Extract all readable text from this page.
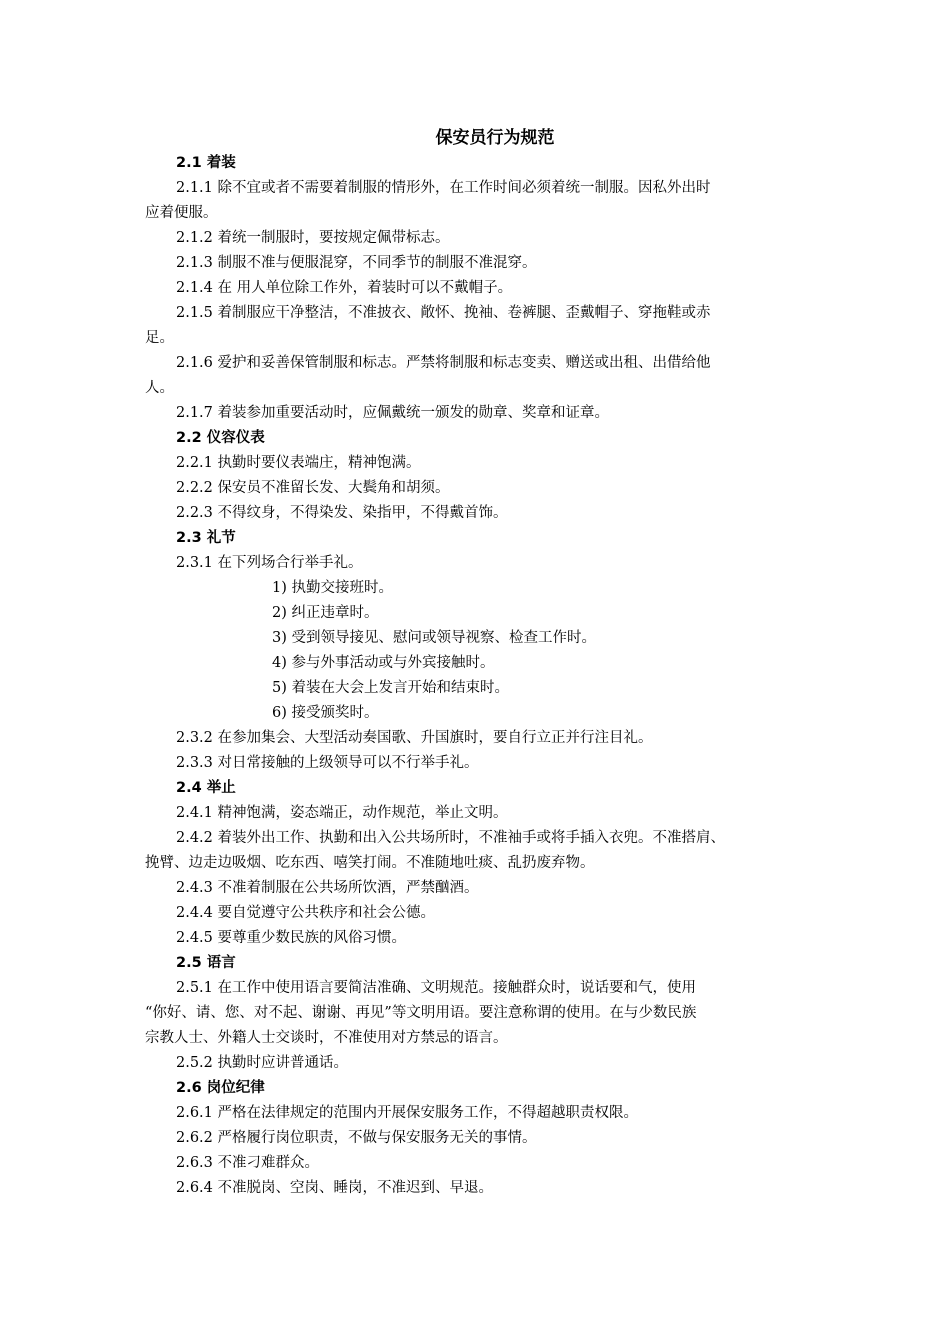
保安员行为规范
2.1 着装
2.1.1 除不宜或者不需要着制服的情形外，在工作时间必须着统一制服。因私外出时
应着便服。
2.1.2 着统一制服时，要按规定佩带标志。
2.1.3 制服不准与便服混穿，不同季节的制服不准混穿。
2.1.4 在 用人单位除工作外，着装时可以不戴帽子。
2.1.5 着制服应干净整洁，不准披衣、敞怀、挽袖、卷裤腿、歪戴帽子、穿拖鞋或赤
足。
2.1.6 爱护和妥善保管制服和标志。严禁将制服和标志变卖、赠送或出租、出借给他
人。
2.1.7 着装参加重要活动时，应佩戴统一颁发的勋章、奖章和证章。
2.2 仪容仪表
2.2.1 执勤时要仪表端庄，精神饱满。
2.2.2 保安员不准留长发、大鬓角和胡须。
2.2.3 不得纹身，不得染发、染指甲，不得戴首饰。
2.3 礼节
2.3.1 在下列场合行举手礼。
1) 执勤交接班时。
2) 纠正违章时。
3) 受到领导接见、慰问或领导视察、检查工作时。
4) 参与外事活动或与外宾接触时。
5) 着装在大会上发言开始和结束时。
6) 接受颁奖时。
2.3.2 在参加集会、大型活动奏国歌、升国旗时，要自行立正并行注目礼。
2.3.3 对日常接触的上级领导可以不行举手礼。
2.4 举止
2.4.1 精神饱满，姿态端正，动作规范，举止文明。
2.4.2 着装外出工作、执勤和出入公共场所时，不准袖手或将手插入衣兜。不准搭肩、
挽臂、边走边吸烟、吃东西、嘻笑打闹。不准随地吐痰、乱扔废弃物。
2.4.3 不准着制服在公共场所饮酒，严禁酗酒。
2.4.4 要自觉遵守公共秩序和社会公德。
2.4.5 要尊重少数民族的风俗习惯。
2.5 语言
2.5.1 在工作中使用语言要简洁准确、文明规范。接触群众时，说话要和气，使用
“你好、请、您、对不起、谢谢、再见”等文明用语。要注意称谓的使用。在与少数民族
宗教人士、外籍人士交谈时，不准使用对方禁忌的语言。
2.5.2 执勤时应讲普通话。
2.6 岗位纪律
2.6.1 严格在法律规定的范围内开展保安服务工作，不得超越职责权限。
2.6.2 严格履行岗位职责，不做与保安服务无关的事情。
2.6.3 不准刁难群众。
2.6.4 不准脱岗、空岗、睡岗，不准迟到、早退。
